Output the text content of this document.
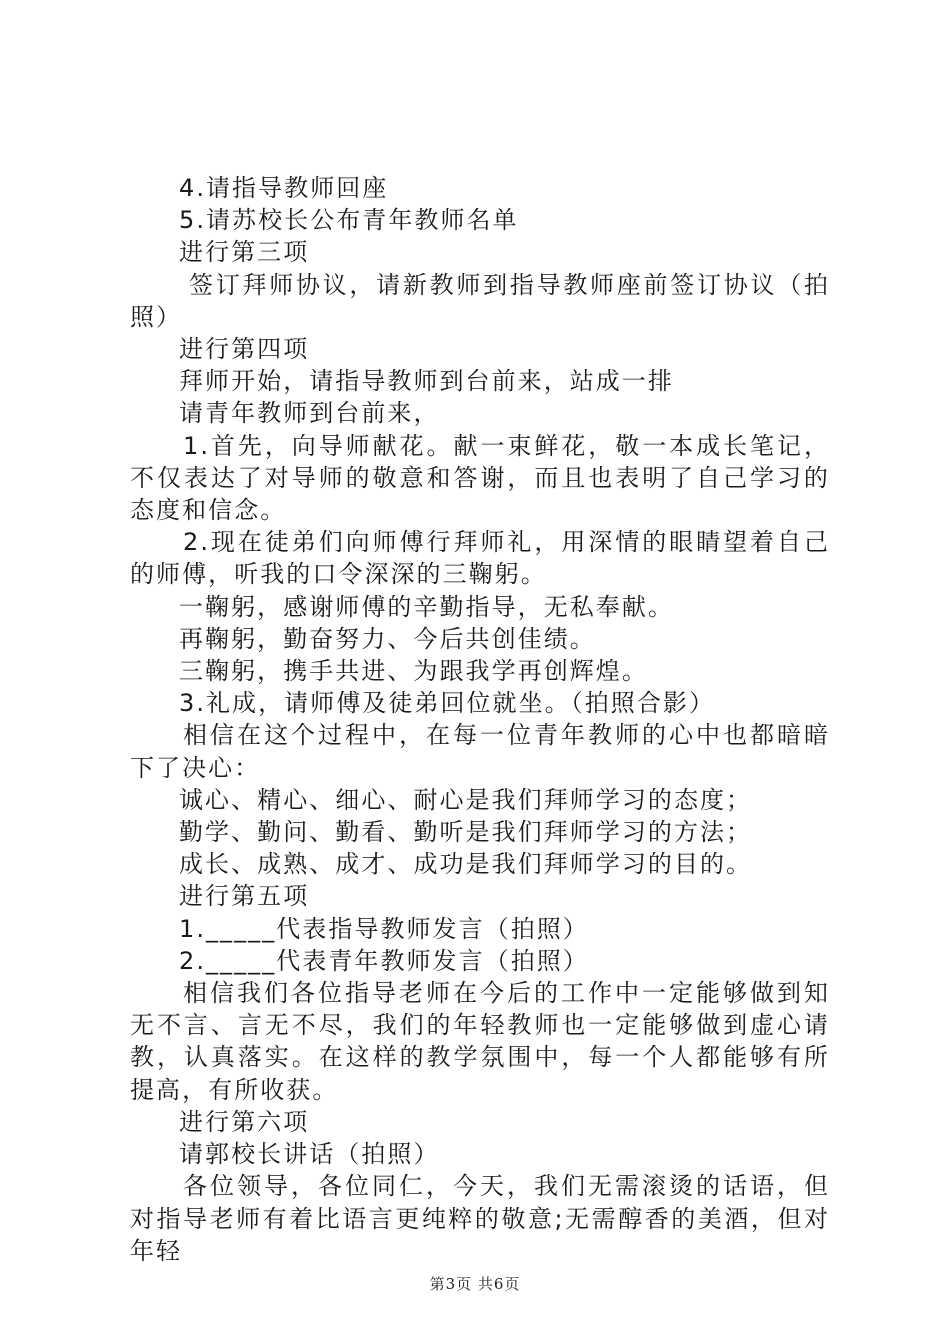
4.请指导教师回座

5.请苏校长公布青年教师名单

进行第三项

签订拜师协议，请新教师到指导教师座前签订协议（拍照）

进行第四项

拜师开始，请指导教师到台前来，站成一排

请青年教师到台前来，

1.首先，向导师献花。献一束鲜花，敬一本成长笔记，不仅表达了对导师的敬意和答谢，而且也表明了自己学习的态度和信念。

2.现在徒弟们向师傅行拜师礼，用深情的眼睛望着自己的师傅，听我的口令深深的三鞠躬。

一鞠躬，感谢师傅的辛勤指导，无私奉献。

再鞠躬，勤奋努力、今后共创佳绩。

三鞠躬，携手共进、为跟我学再创辉煌。

3.礼成，请师傅及徒弟回位就坐。（拍照合影）

相信在这个过程中，在每一位青年教师的心中也都暗暗下了决心：

诚心、精心、细心、耐心是我们拜师学习的态度；

勤学、勤问、勤看、勤听是我们拜师学习的方法；

成长、成熟、成才、成功是我们拜师学习的目的。

进行第五项

1._____代表指导教师发言（拍照）

2._____代表青年教师发言（拍照）

相信我们各位指导老师在今后的工作中一定能够做到知无不言、言无不尽，我们的年轻教师也一定能够做到虚心请教，认真落实。在这样的教学氛围中，每一个人都能够有所提高，有所收获。

进行第六项

请郭校长讲话（拍照）

各位领导，各位同仁，今天，我们无需滚烫的话语，但对指导老师有着比语言更纯粹的敬意;无需醇香的美酒，但对年轻

第3页 共6页
